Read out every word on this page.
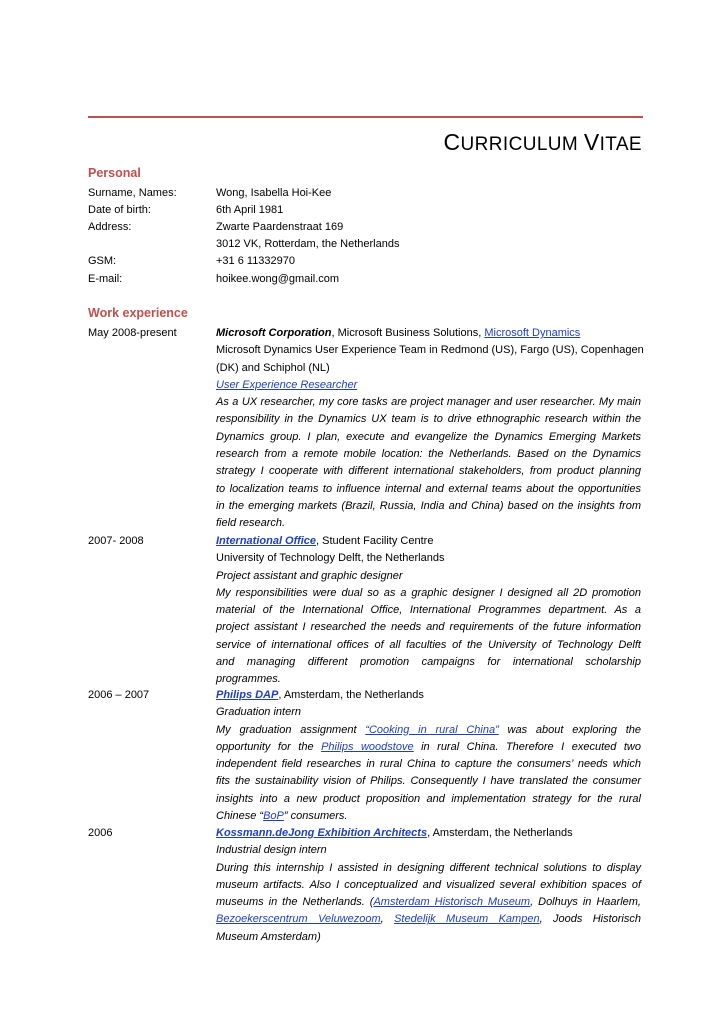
CURRICULUM VITAE
Personal
Surname, Names:	Wong, Isabella Hoi-Kee
Date of birth:	6th April 1981
Address:	Zwarte Paardenstraat 169
3012 VK, Rotterdam, the Netherlands
GSM:	+31 6 11332970
E-mail:	hoikee.wong@gmail.com
Work experience
May 2008-present	Microsoft Corporation, Microsoft Business Solutions, Microsoft Dynamics
Microsoft Dynamics User Experience Team in Redmond (US), Fargo (US), Copenhagen
(DK) and Schiphol (NL)
User Experience Researcher
As a UX researcher, my core tasks are project manager and user researcher. My main
responsibility in the Dynamics UX team is to drive ethnographic research within the
Dynamics group. I plan, execute and evangelize the Dynamics Emerging Markets
research from a remote mobile location: the Netherlands. Based on the Dynamics
strategy I cooperate with different international stakeholders, from product planning
to localization teams to influence internal and external teams about the opportunities
in the emerging markets (Brazil, Russia, India and China) based on the insights from
field research.
2007- 2008	International Office, Student Facility Centre
University of Technology Delft, the Netherlands
Project assistant and graphic designer
My responsibilities were dual so as a graphic designer I designed all 2D promotion
material of the International Office, International Programmes department. As a
project assistant I researched the needs and requirements of the future information
service of international offices of all faculties of the University of Technology Delft
and managing different promotion campaigns for international scholarship
programmes.
2006 – 2007	Philips DAP, Amsterdam, the Netherlands
Graduation intern
My graduation assignment “Cooking in rural China” was about exploring the
opportunity for the Philips woodstove in rural China. Therefore I executed two
independent field researches in rural China to capture the consumers’ needs which
fits the sustainability vision of Philips. Consequently I have translated the consumer
insights into a new product proposition and implementation strategy for the rural
Chinese “BoP” consumers.
2006	Kossmann.deJong Exhibition Architects, Amsterdam, the Netherlands
Industrial design intern
During this internship I assisted in designing different technical solutions to display
museum artifacts. Also I conceptualized and visualized several exhibition spaces of
museums in the Netherlands. (Amsterdam Historisch Museum, Dolhuys in Haarlem,
Bezoekerscentrum Veluwezoom, Stedelijk Museum Kampen, Joods Historisch
Museum Amsterdam)
